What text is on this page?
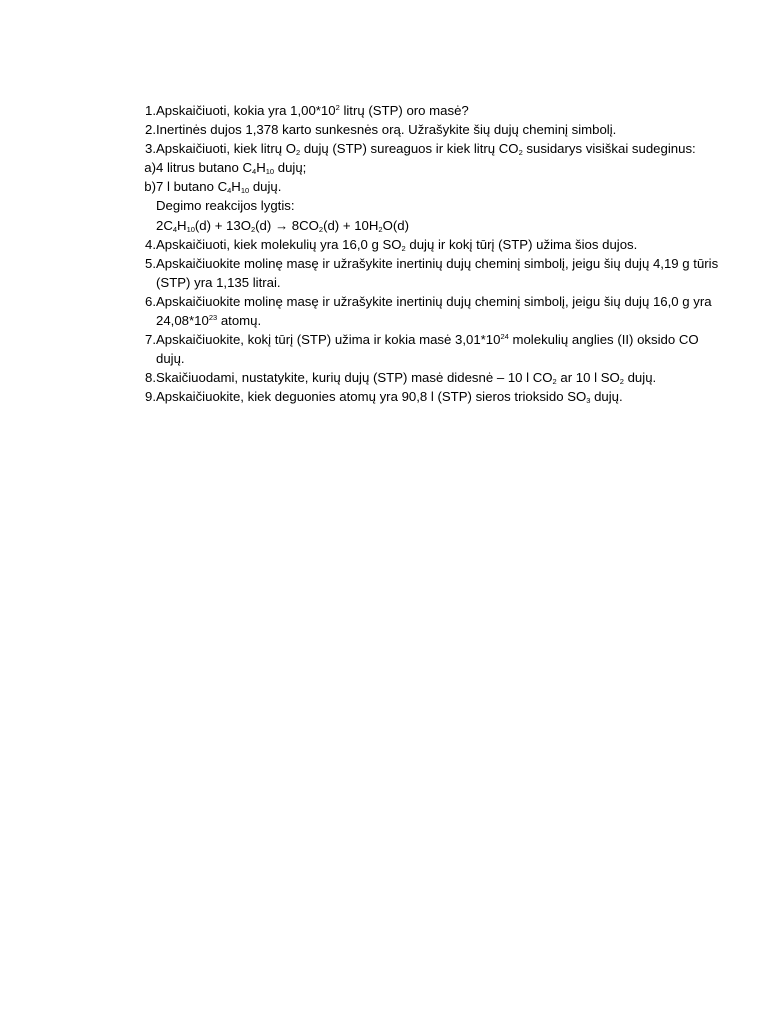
1. Apskaičiuoti, kokia yra $1,00*10^2$ litrų (STP) oro masė?
2. Inertinės dujos 1,378 karto sunkesnės orą. Užrašykite šių dujų cheminį simbolį.
3. Apskaičiuoti, kiek litrų $O_2$ dujų (STP) sureaguos ir kiek litrų $CO_2$ susidarys visiškai sudeginus:
a) 4 litrus butano $C_4H_{10}$ dujų;
b) 7 l butano $C_4H_{10}$ dujų.
Degimo reakcijos lygtis:
$2C_4H_{10}(d) + 13O_2(d) \to 8CO_2(d) + 10H_2O(d)$
4. Apskaičiuoti, kiek molekulių yra 16,0 g $SO_2$ dujų ir kokį tūrį (STP) užima šios dujos.
5. Apskaičiuokite molinę masę ir užrašykite inertinių dujų cheminį simbolį, jeigu šių dujų 4,19 g tūris (STP) yra 1,135 litrai.
6. Apskaičiuokite molinę masę ir užrašykite inertinių dujų cheminį simbolį, jeigu šių dujų 16,0 g yra $24,08*10^{23}$ atomų.
7. Apskaičiuokite, kokį tūrį (STP) užima ir kokia masė $3,01*10^{24}$ molekulių anglies (II) oksido CO dujų.
8. Skaičiuodami, nustatykite, kurių dujų (STP) masė didesnė – 10 l $CO_2$ ar 10 l $SO_2$ dujų.
9. Apskaičiuokite, kiek deguonies atomų yra 90,8 l (STP) sieros trioksido $SO_3$ dujų.
